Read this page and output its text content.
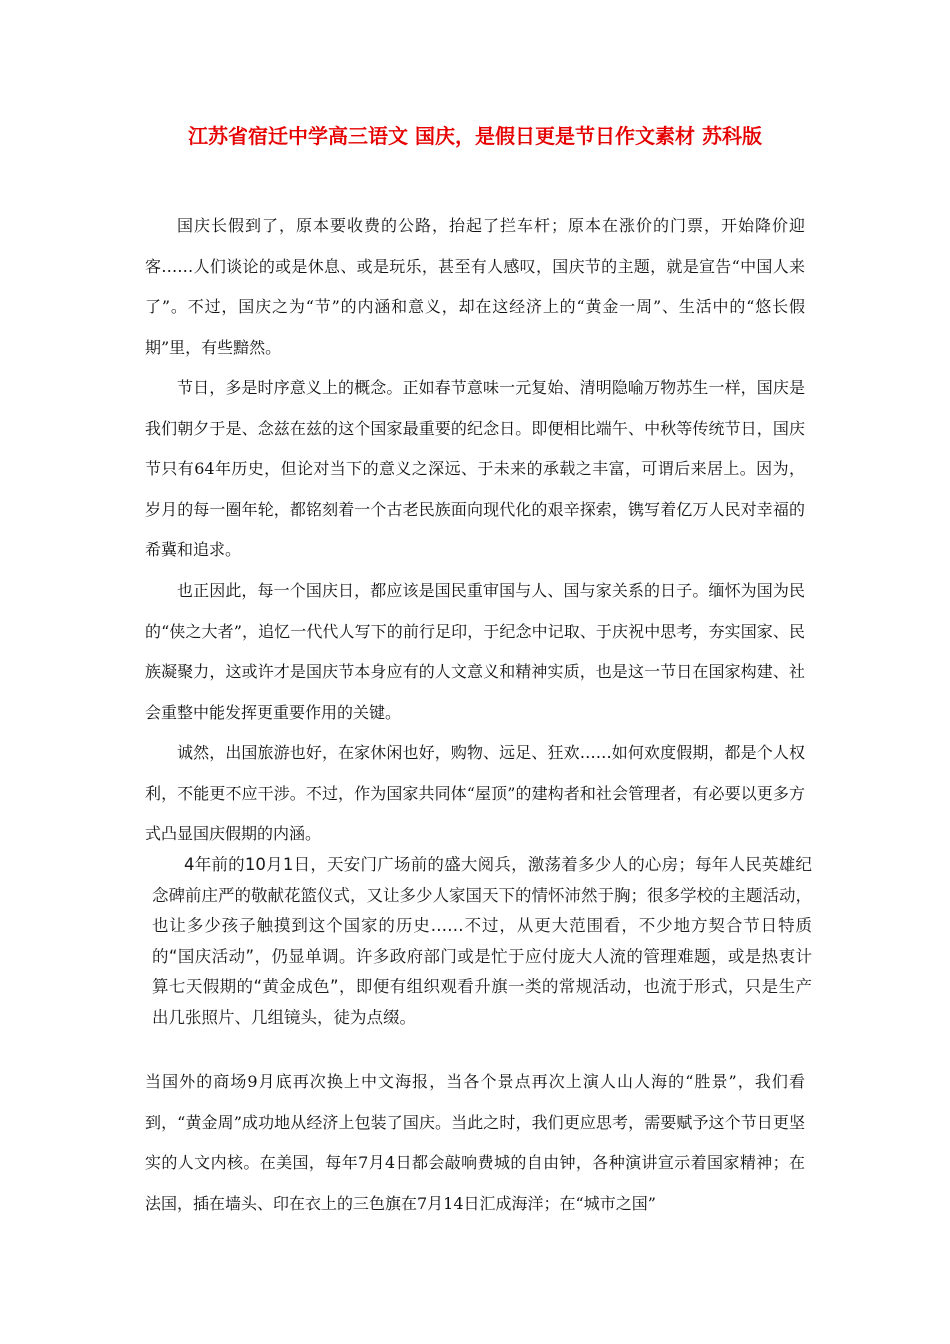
江苏省宿迁中学高三语文 国庆，是假日更是节日作文素材 苏科版

国庆长假到了，原本要收费的公路，抬起了拦车杆；原本在涨价的门票，开始降价迎客……人们谈论的或是休息、或是玩乐，甚至有人感叹，国庆节的主题，就是宣告“中国人来了”。不过，国庆之为“节”的内涵和意义，却在这经济上的“黄金一周”、生活中的“悠长假期”里，有些黯然。

节日，多是时序意义上的概念。正如春节意味一元复始、清明隐喻万物苏生一样，国庆是我们朝夕于是、念兹在兹的这个国家最重要的纪念日。即便相比端午、中秋等传统节日，国庆节只有64年历史，但论对当下的意义之深远、于未来的承载之丰富，可谓后来居上。因为，岁月的每一圈年轮，都铭刻着一个古老民族面向现代化的艰辛探索，镌写着亿万人民对幸福的希冀和追求。

也正因此，每一个国庆日，都应该是国民重审国与人、国与家关系的日子。缅怀为国为民的“侠之大者”，追忆一代代人写下的前行足印，于纪念中记取、于庆祝中思考，夯实国家、民族凝聚力，这或许才是国庆节本身应有的人文意义和精神实质，也是这一节日在国家构建、社会重整中能发挥更重要作用的关键。

诚然，出国旅游也好，在家休闲也好，购物、远足、狂欢……如何欢度假期，都是个人权利，不能更不应干涉。不过，作为国家共同体“屋顶”的建构者和社会管理者，有必要以更多方式凸显国庆假期的内涵。

4年前的10月1日，天安门广场前的盛大阅兵，激荡着多少人的心房；每年人民英雄纪念碑前庄严的敬献花篮仪式，又让多少人家国天下的情怀沛然于胸；很多学校的主题活动，也让多少孩子触摸到这个国家的历史……不过，从更大范围看，不少地方契合节日特质的“国庆活动”，仍显单调。许多政府部门或是忙于应付庞大人流的管理难题，或是热衷计算七天假期的“黄金成色”，即便有组织观看升旗一类的常规活动，也流于形式，只是生产出几张照片、几组镜头，徒为点缀。

当国外的商场9月底再次换上中文海报，当各个景点再次上演人山人海的“胜景”，我们看到，“黄金周”成功地从经济上包装了国庆。当此之时，我们更应思考，需要赋予这个节日更坚实的人文内核。在美国，每年7月4日都会敲响费城的自由钟，各种演讲宣示着国家精神；在法国，插在墙头、印在衣上的三色旗在7月14日汇成海洋；在“城市之国”
